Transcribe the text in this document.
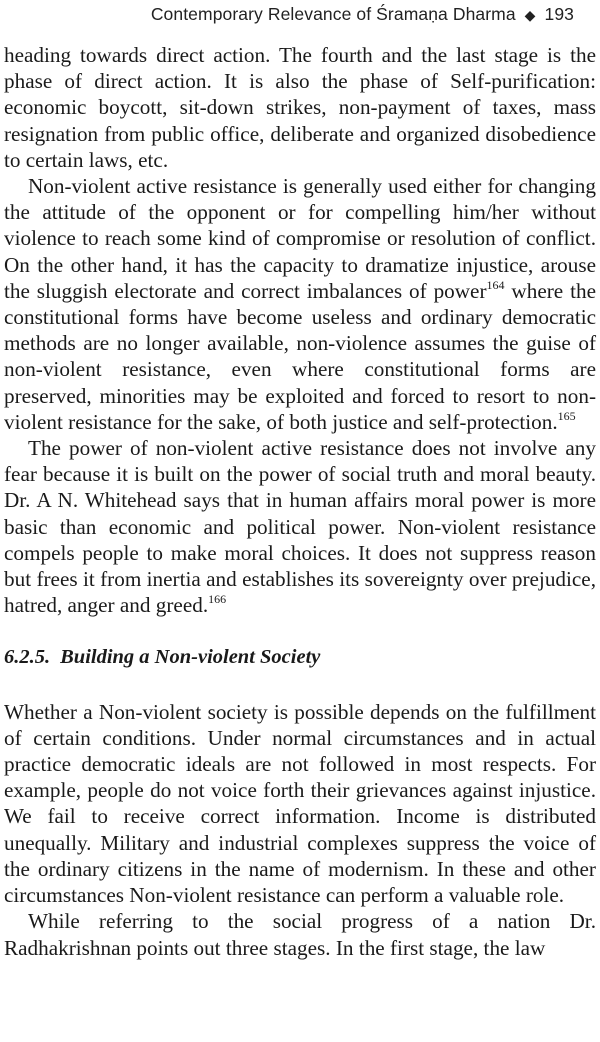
Contemporary Relevance of Śramaṇa Dharma ◆ 193

heading towards direct action. The fourth and the last stage is the phase of direct action. It is also the phase of Self-purification: economic boycott, sit-down strikes, non-payment of taxes, mass resignation from public office, deliberate and organized disobedience to certain laws, etc.

Non-violent active resistance is generally used either for changing the attitude of the opponent or for compelling him/her without violence to reach some kind of compromise or resolution of conflict. On the other hand, it has the capacity to dramatize injustice, arouse the sluggish electorate and correct imbalances of power$^{164}$ where the constitutional forms have become useless and ordinary democratic methods are no longer available, non-violence assumes the guise of non-violent resistance, even where constitutional forms are preserved, minorities may be exploited and forced to resort to non-violent resistance for the sake, of both justice and self-protection.$^{165}$

The power of non-violent active resistance does not involve any fear because it is built on the power of social truth and moral beauty. Dr. A N. Whitehead says that in human affairs moral power is more basic than economic and political power. Non-violent resistance compels people to make moral choices. It does not suppress reason but frees it from inertia and establishes its sovereignty over prejudice, hatred, anger and greed.$^{166}$

6.2.5. Building a Non-violent Society

Whether a Non-violent society is possible depends on the fulfillment of certain conditions. Under normal circumstances and in actual practice democratic ideals are not followed in most respects. For example, people do not voice forth their grievances against injustice. We fail to receive correct information. Income is distributed unequally. Military and industrial complexes suppress the voice of the ordinary citizens in the name of modernism. In these and other circumstances Non-violent resistance can perform a valuable role.

While referring to the social progress of a nation Dr. Radhakrishnan points out three stages. In the first stage, the law
